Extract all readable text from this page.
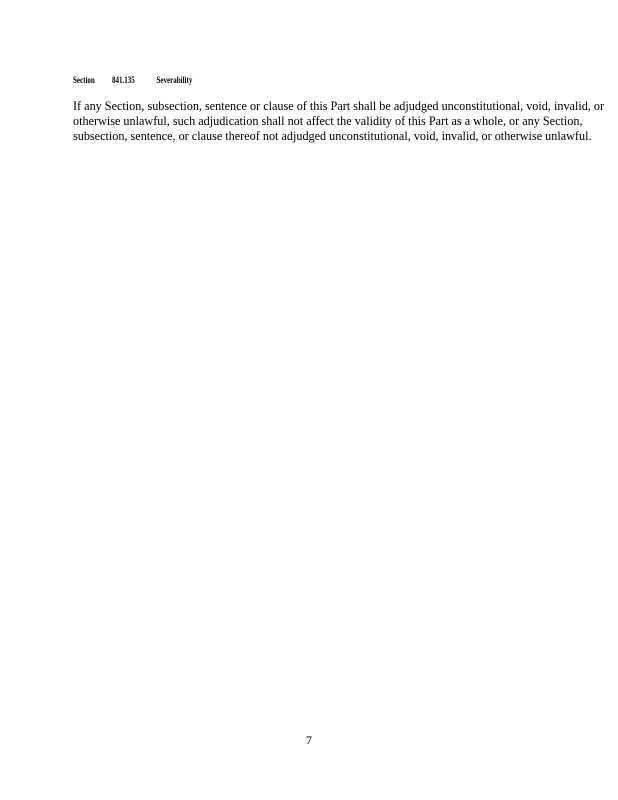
Section 841.135 Severability

If any Section, subsection, sentence or clause of this Part shall be adjudged unconstitutional, void, invalid, or otherwise unlawful, such adjudication shall not affect the validity of this Part as a whole, or any Section, subsection, sentence, or clause thereof not adjudged unconstitutional, void, invalid, or otherwise unlawful.

7
